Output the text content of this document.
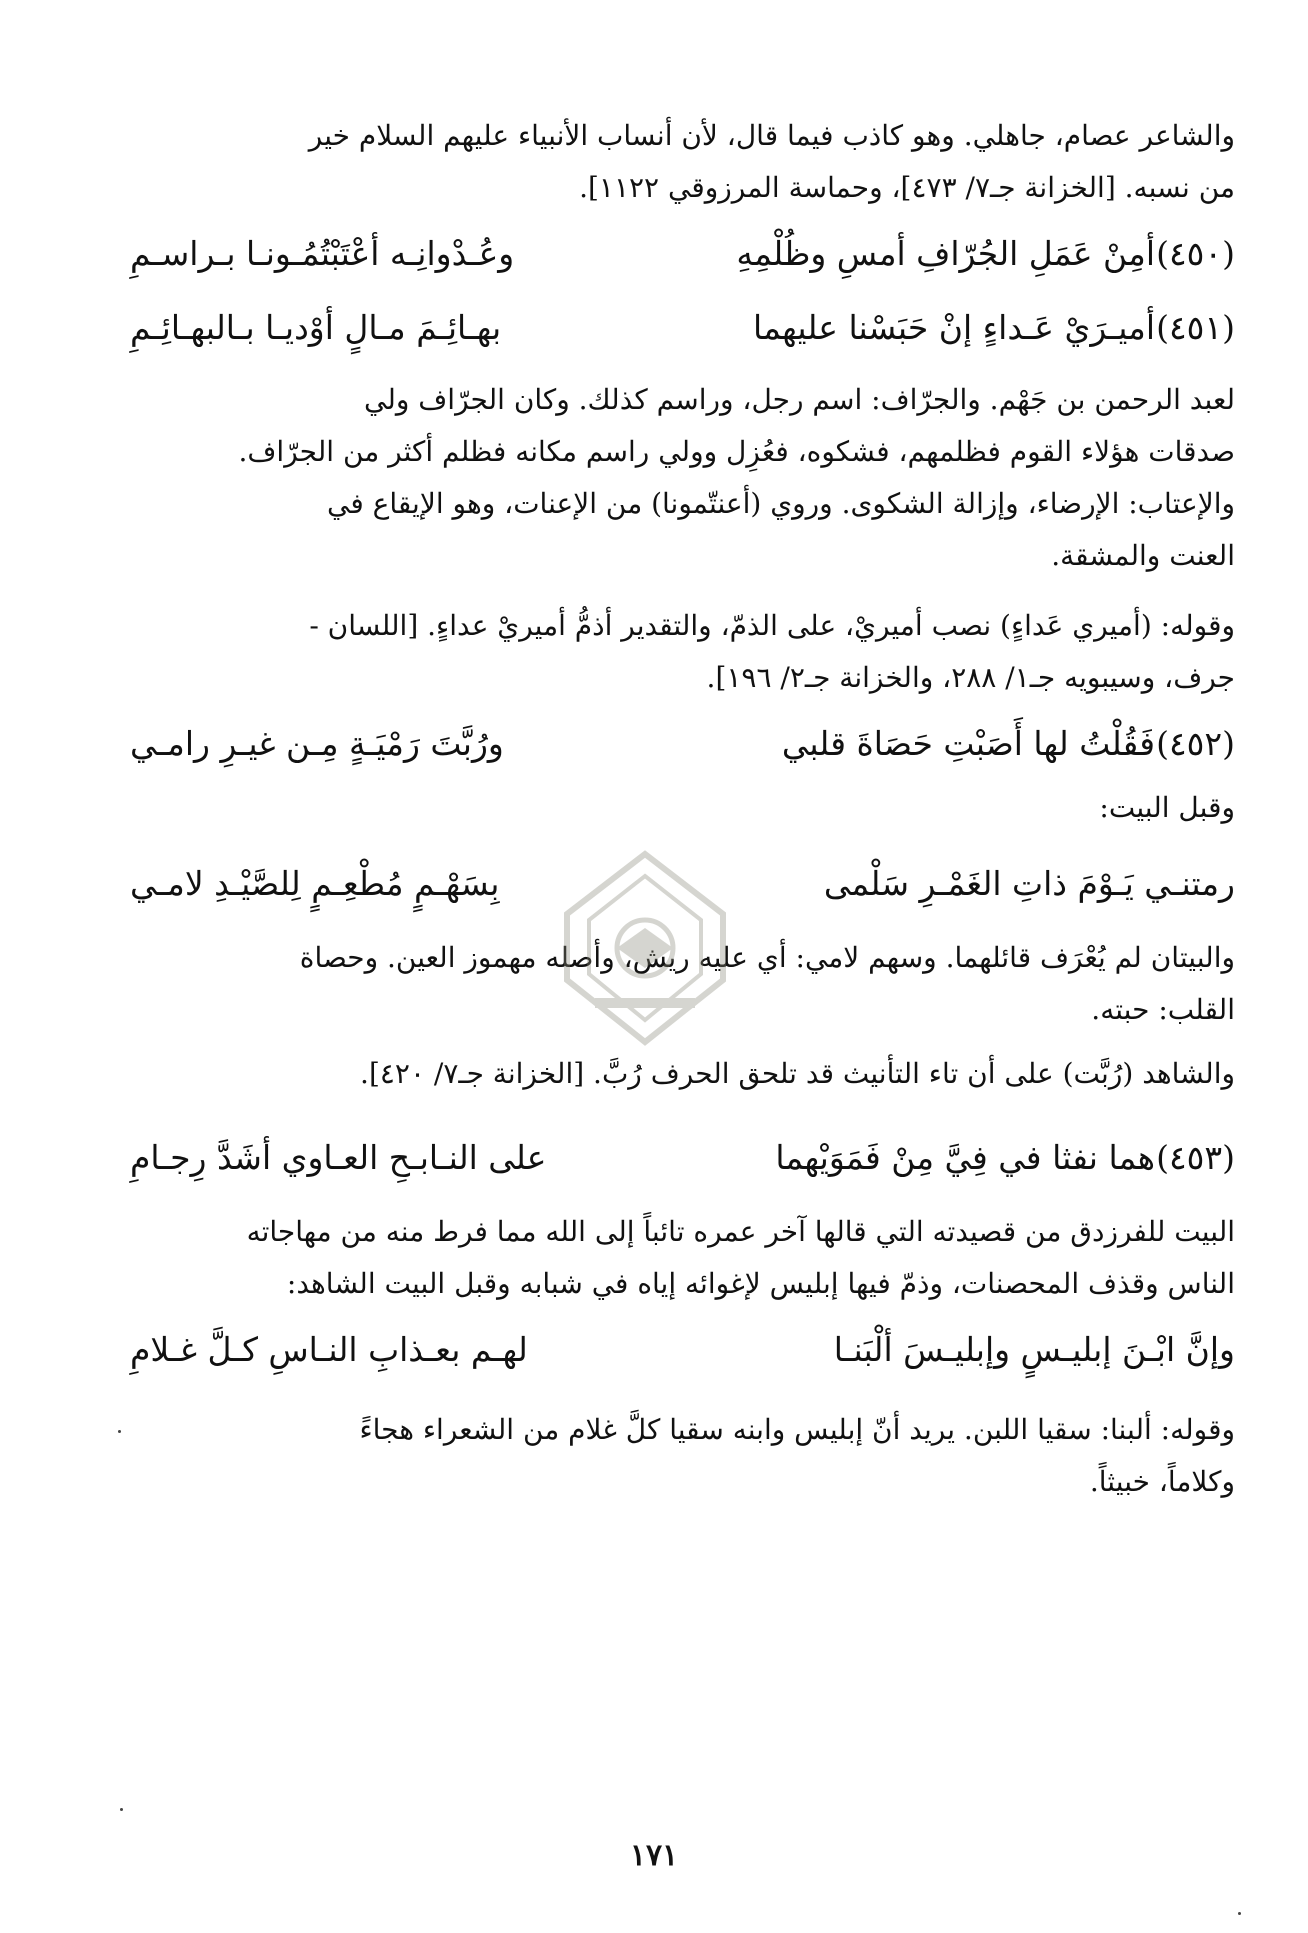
والشاعر عصام، جاهلي. وهو كاذب فيما قال، لأن أنساب الأنبياء عليهم السلام خير
من نسبه. [الخزانة جـ٧/ ٤٧٣]، وحماسة المرزوقي ١١٢٢].
(٤٥٠)
أمِنْ عَمَلِ الجُرّافِ أمسِ وظُلْمِهِ
وعُـدْوانِـه أعْتَبْتُمُـونـا بـراسـمِ
(٤٥١)
أميـرَيْ عَـداءٍ إنْ حَبَسْنا عليهما
بهـائِـمَ مـالٍ أوْديـا بـالبهـائِـمِ
لعبد الرحمن بن جَهْم. والجرّاف: اسم رجل، وراسم كذلك. وكان الجرّاف ولي
صدقات هؤلاء القوم فظلمهم، فشكوه، فعُزِل وولي راسم مكانه فظلم أكثر من الجرّاف.
والإعتاب: الإرضاء، وإزالة الشكوى. وروي (أعنتّمونا) من الإعنات، وهو الإيقاع في
العنت والمشقة.
وقوله: (أميري عَداءٍ) نصب أميريْ، على الذمّ، والتقدير أذمُّ أميريْ عداءٍ. [اللسان -
جرف، وسيبويه جـ١/ ٢٨٨، والخزانة جـ٢/ ١٩٦].
(٤٥٢)
فَقُلْتُ لها أَصَبْتِ حَصَاةَ قلبي
ورُبَّتَ رَمْيَـةٍ مِـن غيـرِ رامـي
وقبل البيت:
رمتنـي يَـوْمَ ذاتِ الغَمْـرِ سَلْمى
بِسَهْـمٍ مُطْعِـمٍ لِلصَّيْـدِ لامـي
والبيتان لم يُعْرَف قائلهما. وسهم لامي: أي عليه ريش، وأصله مهموز العين. وحصاة
القلب: حبته.
والشاهد (رُبَّت) على أن تاء التأنيث قد تلحق الحرف رُبَّ. [الخزانة جـ٧/ ٤٢٠].
(٤٥٣)
هما نفثا في فِيَّ مِنْ فَمَوَيْهما
على النـابـحِ العـاوي أشَدَّ رِجـامِ
البيت للفرزدق من قصيدته التي قالها آخر عمره تائباً إلى الله مما فرط منه من مهاجاته
الناس وقذف المحصنات، وذمّ فيها إبليس لإغوائه إياه في شبابه وقبل البيت الشاهد:
وإنَّ ابْـنَ إبليـسٍ وإبليـسَ ألْبَنـا
لهـم بعـذابِ النـاسِ كـلَّ غـلامِ
وقوله: ألبنا: سقيا اللبن. يريد أنّ إبليس وابنه سقيا كلَّ غلام من الشعراء هجاءً
وكلاماً، خبيثاً.
١٧١
